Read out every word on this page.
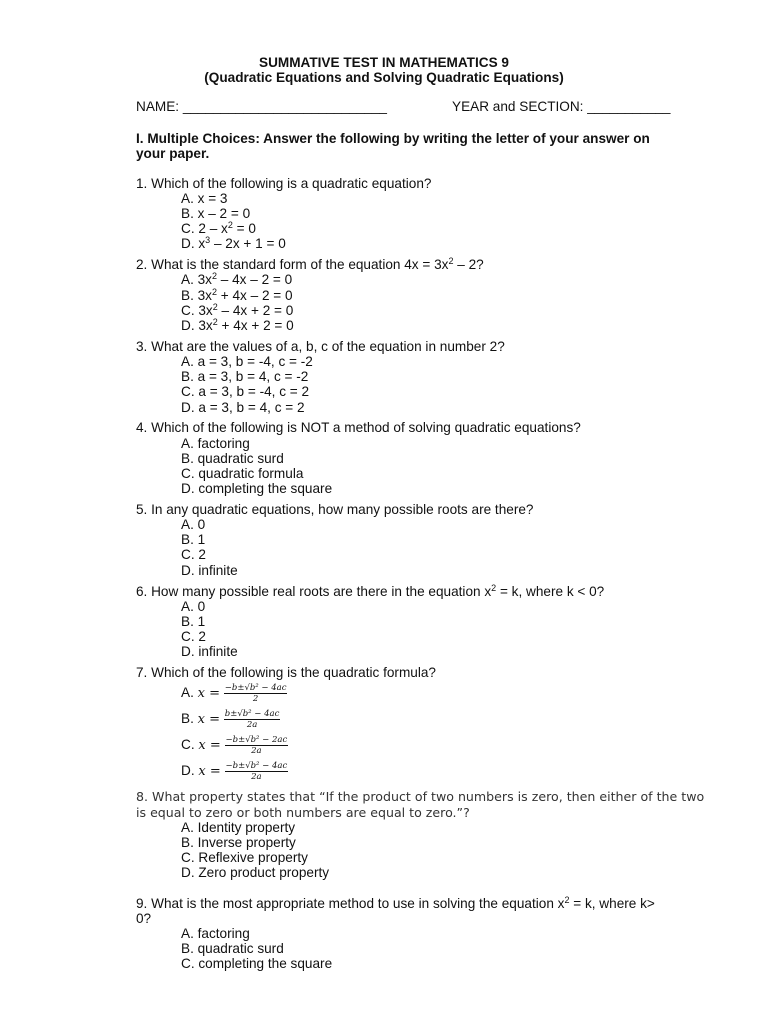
SUMMATIVE TEST IN MATHEMATICS 9
(Quadratic Equations and Solving Quadratic Equations)
NAME: ___________________________	YEAR and SECTION: ___________
I. Multiple Choices: Answer the following by writing the letter of your answer on
your paper.
1. Which of the following is a quadratic equation?
A. x = 3
B. x – 2 = 0
C. $2 - x^2 = 0$
D. $x^3 - 2x + 1 = 0$
2. What is the standard form of the equation $4x = 3x^2 - 2$?
A. $3x^2 - 4x - 2 = 0$
B. $3x^2 + 4x - 2 = 0$
C. $3x^2 - 4x + 2 = 0$
D. $3x^2 + 4x + 2 = 0$
3. What are the values of a, b, c of the equation in number 2?
A. a = 3, b = -4, c = -2
B. a = 3, b = 4, c = -2
C. a = 3, b = -4, c = 2
D. a = 3, b = 4, c = 2
4. Which of the following is NOT a method of solving quadratic equations?
A. factoring
B. quadratic surd
C. quadratic formula
D. completing the square
5. In any quadratic equations, how many possible roots are there?
A. 0
B. 1
C. 2
D. infinite
6. How many possible real roots are there in the equation $x^2 = k$, where k < 0?
A. 0
B. 1
C. 2
D. infinite
7. Which of the following is the quadratic formula?
A. $x = \frac{\text{−b±√b² − 4ac}}{2}$
B. $x = \frac{\text{b±√b² − 4ac}}{2a}$
C. $x = \frac{\text{−b±√b² − 2ac}}{2a}$
D. $x = \frac{\text{−b±√b² − 4ac}}{2a}$
8. What property states that “If the product of two numbers is zero, then either of the two
is equal to zero or both numbers are equal to zero.”?
A. Identity property
B. Inverse property
C. Reflexive property
D. Zero product property
9. What is the most appropriate method to use in solving the equation $x^2 = k$, where k>
0?
A. factoring
B. quadratic surd
C. completing the square
